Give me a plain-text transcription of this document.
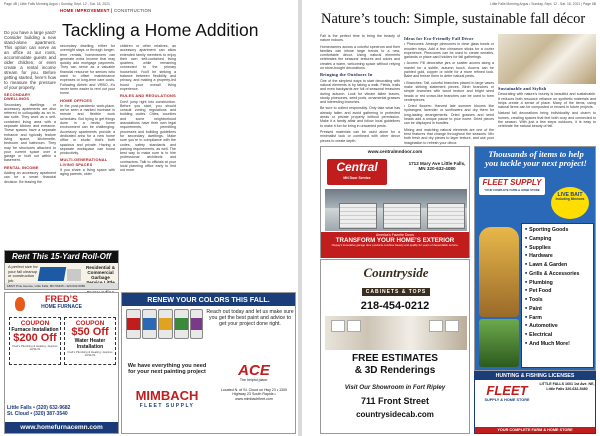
Page 4B | Little Falls Morning Argus • Sunday, Sept. 12 - Sat. 18, 2021
HOME IMPROVEMENT | CONSTRUCTION
Tackling a Home Addition

Do you have a large yard? Consider building a new stand-alone apartment. This option can serve as an office at our roots, accommodate guests and older children, or even create a rental income stream for you. Before getting started, here’s how to measure the pressure of your property.

SECONDARY DWELLINGS

Secondary dwellings or accessory apartments are also referred to colloquially as an in-law suite. They work as a self-contained living area with a separate kitchen and entrance. These spaces have a separate entrance and typically feature living space, kitchenette, bedroom and bathroom. They may be structures attached to your current space over a garage or built out within a basement.

RENTAL INCOME

Adding an accessory apartment can be a smart financial decision. Be leasing the

secondary dwelling, either for overnight stays or through longer-term rentals, homeowners can generate extra income that may quickly add mortgage payments. They can serve as a valuable financial resource for seniors who want to offset maintenance expenses or long-term care costs. Following Airbnb and VRBO, it’s never been easier to rent out your home.

HOME OFFICES

In the post-pandemic work-place, we’ve seen a marked increase in remote and flexible work schedules. But trying to get things done in a hectic home environment can be challenging. Accessory apartments provide a dedicated area for a new home office or studio that’s both spacious and private. Having a separate workspace can boost productivity.

MULTI-GENERATIONAL LIVING SPACES

If you share a living space with aging parents, older

children or other relatives, an accessory apartment can allow extended family members to enjoy their own self-contained living quarters, while remaining connected to the primary household. You’ll be striking a balance between flexibility and privacy, and making a property-led boost your overall living experience.

RULES AND REGULATIONS

Don’t jump right into construction. Before you start, you should consult zoning regulations and building codes. Cities, counties and some neighborhood associations have their own legal requirements, permitting processes and building guidelines for secondary dwellings. Make sure you’re in compliance with the codes, safety standards and parking requirements, as well. The best way to make sure is to hire professional architects and contractors. Talk to officials at your local planning office early to find out more.

Rent This 15-Yard Roll-Off
A perfect size for your fall cleanup or construction job.
Residential & Commercial Garbage
18627 Pine Avenue, Little Falls, MN 56345 • 320-632-5080
FRED’S
HOME FURNACE
COUPON
Furnace Installation
$200 Off
Fred’s Plumbing & Heating • Expires 12/31/21
COUPON
$50 Off
Water Heater Installation
Fred’s Plumbing & Heating • Expires 12/31/21
Little Falls • (320) 632-9682
St. Cloud • (320) 387-3540
www.homefurnacemn.com
RENEW YOUR COLORS THIS FALL.
Reach out today and let us make sure you get the best paint and advice to get your project done right.
We have everything you need for your next painting project
MIMBACH
FLEET SUPPLY
ACE
The helpful place.
Located N. of St. Cloud on Hwy 23 • 1300 Highway 23 South Rapids • www.mimbachfleet.com
Little Falls Morning Argus • Sunday, Sept. 12 - Sat. 18, 2021 | Page 5B
Nature’s touch: Simple, sustainable fall décor

Fall is the perfect time to bring the beauty of nature indoors.

Homeowners across a colorful spectrum and their families can infuse large trends to a new, comfortable décor. Using natural elements celebrates the seasons’ textures and colors and creates a warm, welcoming space without relying on store-bought decorations.

Bringing the Outdoors In

One of the simplest ways to start decorating with natural elements is by taking a walk. Fields, trails and even backyards are full of seasonal treasures during autumn. Look for vibrant fallen leaves, sturdy pinecones, seed pods, ornamental grasses and interesting branches.

Be sure to collect responsibly. Only take what has already fallen and avoid gathering in protected areas or private property without permission. Make it a family affair and follow local guidelines to make it fun for bring in unwanted pests.

Pressed materials can be used alone for a minimalist look or combined with other decor pieces to create depth.

Ideas for Eco-Friendly Fall Décor

• Pinecones: Arrange pinecones in clear glass bowls or wooden trays. Add a few cinnamon sticks for a cozier experience. Pinecones can be used to create wreaths, garlands or place card holders for fall gatherings.

• Acorns: Fill decorative jars or scatter acorns along a mantel for a subtle, autumn touch. Acorns can be painted gold, copper or white for a more refined look. Bake and freeze them to deter natural pests.

• Branches: Tall, colorful branches placed in large vases make striking statement pieces. Birch branches or simple branches with wood texture and bright seed heads or red crown-like branches can be used to form centerpieces.

• Dried flowers: Harvest late summer blooms like hydrangea, lavender or sunflowers and dry them for long-lasting arrangements. Dried grasses and seed heads add a unique pause to your home. Dried pieces can be displayed in bundles.

Mixing and matching natural elements are one of the best features that change throughout the seasons. Mix both fresh and dry pieces to layer texture, and use your imagination to refresh your décor.

Sustainable and Stylish

Decorating with nature’s bounty is beautiful and sustainable. It reduces both resource reliance on synthetic materials and helps create a sense of place. Many of the items, using natural items can be composted or reused in future projects.

Natural fall decorations bring individuality and charm to homes, creating spaces that feel both cozy and connected to the season. With just a few steps outdoors, it is easy to celebrate the natural beauty of fall.

www.centralmndoor.com
Central
MN Door Service
1712 Mary Ave Little Falls, MN 320-632-4080
America’s Favorite Doors
TRANSFORM YOUR HOME’S EXTERIOR
Clopay’s innovative garage door products combine beauty and quality for years of dependable service.
Countryside
CABINETS & TOPS
218-454-0212
FREE ESTIMATES
& 3D Renderings
Visit Our Showroom in Fort Ripley
711 Front Street
countrysidecab.com
Thousands of items to help you tackle your next project!
FLEET SUPPLY
YOUR COMPLETE FARM & HOME STORE
LIVE BAIT
Including Minnows
■ Sporting Goods
■ Camping
■ Supplies
■ Hardware
■ Lawn & Garden
■ Grills & Accessories
■ Plumbing
■ Pet Food
■ Tools
■ Paint
■ Farm
■ Automotive
■ Electrical
■ And Much More!
HUNTING & FISHING LICENSES
FLEET
SUPPLY & HOME STORE
LITTLE FALLS 1601 1st Ave. NE, Little Falls 320-632-5480
YOUR COMPLETE FARM & HOME STORE
